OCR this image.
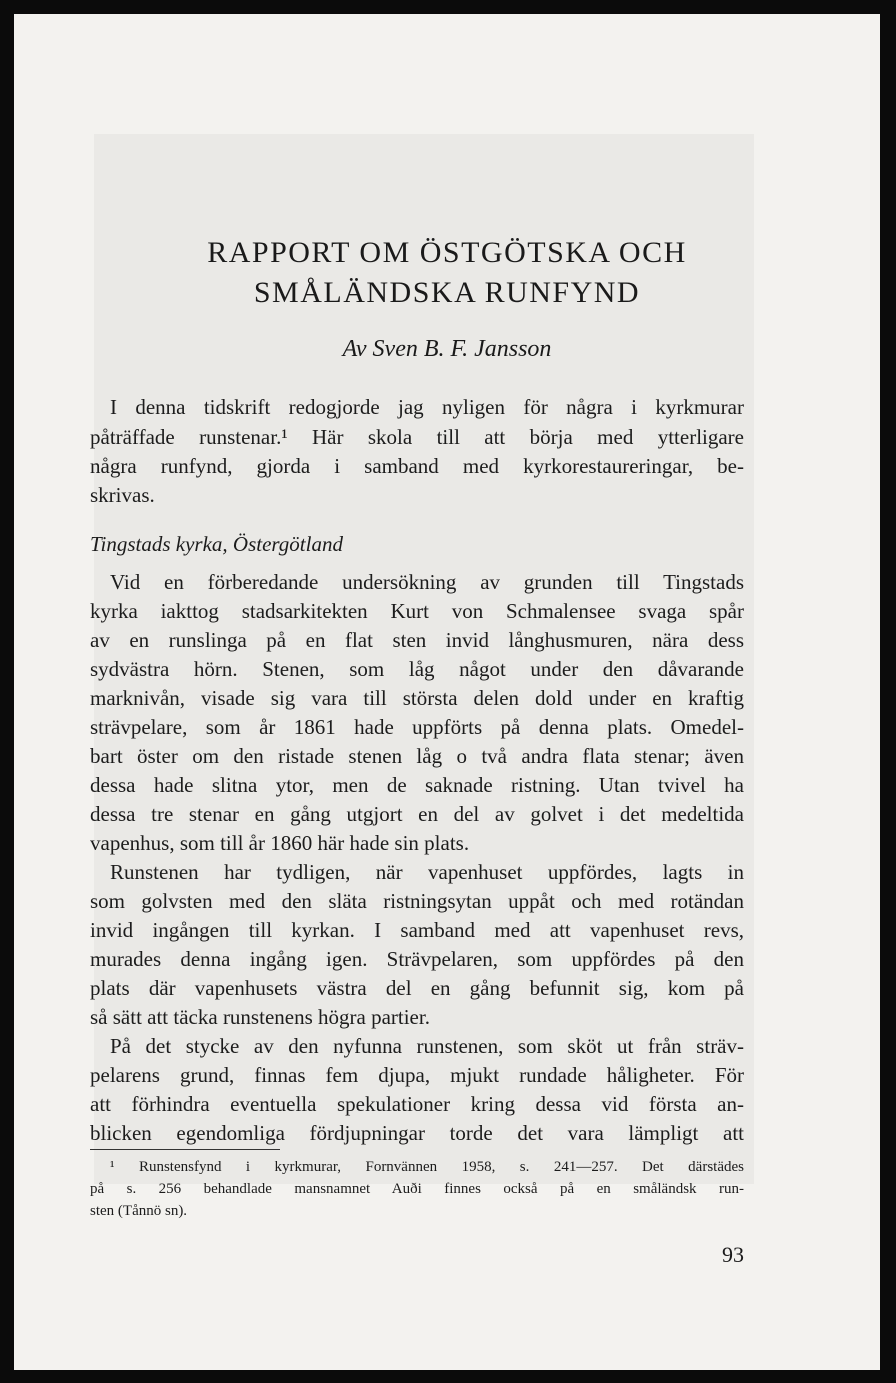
RAPPORT OM ÖSTGÖTSKA OCH
SMÅLÄNDSKA RUNFYND
Av Sven B. F. Jansson
I denna tidskrift redogjorde jag nyligen för några i kyrkmurar
påträffade runstenar.¹ Här skola till att börja med ytterligare
några runfynd, gjorda i samband med kyrkorestaureringar, be-
skrivas.
Tingstads kyrka, Östergötland
Vid en förberedande undersökning av grunden till Tingstads
kyrka iakttog stadsarkitekten Kurt von Schmalensee svaga spår
av en runslinga på en flat sten invid långhusmuren, nära dess
sydvästra hörn. Stenen, som låg något under den dåvarande
marknivån, visade sig vara till största delen dold under en kraftig
strävpelare, som år 1861 hade uppförts på denna plats. Omedel-
bart öster om den ristade stenen låg o två andra flata stenar; även
dessa hade slitna ytor, men de saknade ristning. Utan tvivel ha
dessa tre stenar en gång utgjort en del av golvet i det medeltida
vapenhus, som till år 1860 här hade sin plats.
Runstenen har tydligen, när vapenhuset uppfördes, lagts in
som golvsten med den släta ristningsytan uppåt och med rotändan
invid ingången till kyrkan. I samband med att vapenhuset revs,
murades denna ingång igen. Strävpelaren, som uppfördes på den
plats där vapenhusets västra del en gång befunnit sig, kom på
så sätt att täcka runstenens högra partier.
På det stycke av den nyfunna runstenen, som sköt ut från sträv-
pelarens grund, finnas fem djupa, mjukt rundade håligheter. För
att förhindra eventuella spekulationer kring dessa vid första an-
blicken egendomliga fördjupningar torde det vara lämpligt att
¹ Runstensfynd i kyrkmurar, Fornvännen 1958, s. 241—257. Det därstädes
på s. 256 behandlade mansnamnet Auði finnes också på en småländsk run-
sten (Tånnö sn).
93
